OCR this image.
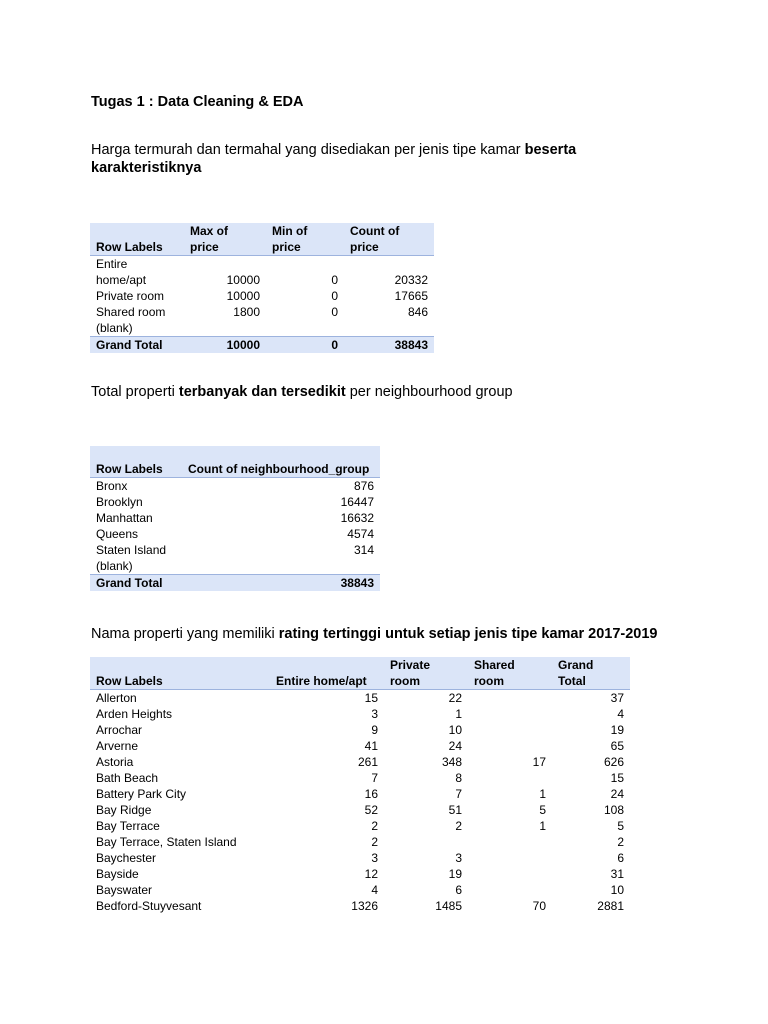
Tugas 1 : Data Cleaning & EDA
Harga termurah dan termahal yang disediakan per jenis tipe kamar beserta karakteristiknya
Row Labels	Max of price	Min of price	Count of price
Entire home/apt	10000	0	20332
Private room	10000	0	17665
Shared room	1800	0	846
(blank)			
Grand Total	10000	0	38843
Total properti terbanyak dan tersedikit per neighbourhood group
Row Labels	Count of neighbourhood_group
Bronx	876
Brooklyn	16447
Manhattan	16632
Queens	4574
Staten Island	314
(blank)	
Grand Total	38843
Nama properti yang memiliki rating tertinggi untuk setiap jenis tipe kamar 2017-2019
Row Labels	Entire home/apt	Private room	Shared room	Grand Total
Allerton	15	22		37
Arden Heights	3	1		4
Arrochar	9	10		19
Arverne	41	24		65
Astoria	261	348	17	626
Bath Beach	7	8		15
Battery Park City	16	7	1	24
Bay Ridge	52	51	5	108
Bay Terrace	2	2	1	5
Bay Terrace, Staten Island	2			2
Baychester	3	3		6
Bayside	12	19		31
Bayswater	4	6		10
Bedford-Stuyvesant	1326	1485	70	2881
